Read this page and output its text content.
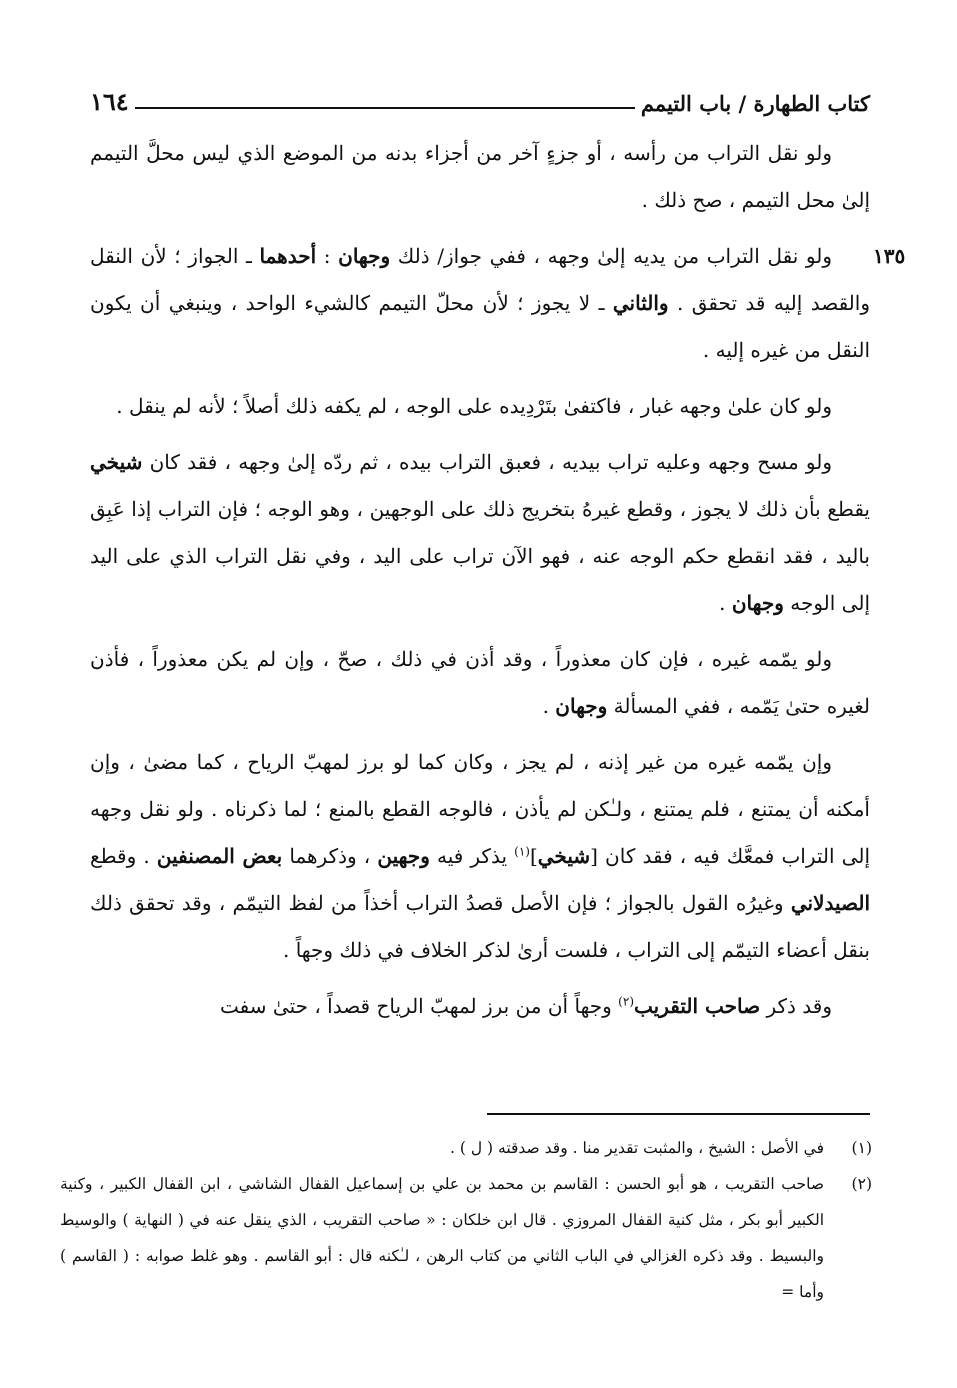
كتاب الطهارة / باب التيمم
١٦٤
١٣٥

ولو نقل التراب من رأسه ، أو جزءٍ آخر من أجزاء بدنه من الموضع الذي ليس محلَّ التيمم إلىٰ محل التيمم ، صح ذلك .

ولو نقل التراب من يديه إلىٰ وجهه ، ففي جواز/ ذلك وجهان : أحدهما ـ الجواز ؛ لأن النقل والقصد إليه قد تحقق . والثاني ـ لا يجوز ؛ لأن محلّ التيمم كالشيء الواحد ، وينبغي أن يكون النقل من غيره إليه .

ولو كان علىٰ وجهه غبار ، فاكتفىٰ بتَرْدِيده على الوجه ، لم يكفه ذلك أصلاً ؛ لأنه لم ينقل .

ولو مسح وجهه وعليه تراب بيديه ، فعبق التراب بيده ، ثم ردّه إلىٰ وجهه ، فقد كان شيخي يقطع بأن ذلك لا يجوز ، وقطع غيرهُ بتخريج ذلك على الوجهين ، وهو الوجه ؛ فإن التراب إذا عَبِق باليد ، فقد انقطع حكم الوجه عنه ، فهو الآن تراب على اليد ، وفي نقل التراب الذي على اليد إلى الوجه وجهان .

ولو يمّمه غيره ، فإن كان معذوراً ، وقد أذن في ذلك ، صحّ ، وإن لم يكن معذوراً ، فأذن لغيره حتىٰ يَمّمه ، ففي المسألة وجهان .

وإن يمّمه غيره من غير إذنه ، لم يجز ، وكان كما لو برز لمهبّ الرياح ، كما مضىٰ ، وإن أمكنه أن يمتنع ، فلم يمتنع ، ولـٰكن لم يأذن ، فالوجه القطع بالمنع ؛ لما ذكرناه . ولو نقل وجهه إلى التراب فمعَّك فيه ، فقد كان [شيخي]$^{(١)}$ يذكر فيه وجهين ، وذكرهما بعض المصنفين . وقطع الصيدلاني وغيرُه القول بالجواز ؛ فإن الأصل قصدُ التراب أخذاً من لفظ التيمّم ، وقد تحقق ذلك بنقل أعضاء التيمّم إلى التراب ، فلست أرىٰ لذكر الخلاف في ذلك وجهاً .

وقد ذكر صاحب التقريب$^{(٢)}$ وجهاً أن من برز لمهبّ الرياح قصداً ، حتىٰ سفت

(١)
في الأصل : الشيخ ، والمثبت تقدير منا . وقد صدقته ( ل ) .
(٢)
صاحب التقريب ، هو أبو الحسن : القاسم بن محمد بن علي بن إسماعيل القفال الشاشي ، ابن القفال الكبير ، وكنية الكبير أبو بكر ، مثل كنية القفال المروزي . قال ابن خلكان : « صاحب التقريب ، الذي ينقل عنه في ( النهاية ) والوسيط والبسيط . وقد ذكره الغزالي في الباب الثاني من كتاب الرهن ، لـٰكنه قال : أبو القاسم . وهو غلط صوابه : ( القاسم ) وأما =
